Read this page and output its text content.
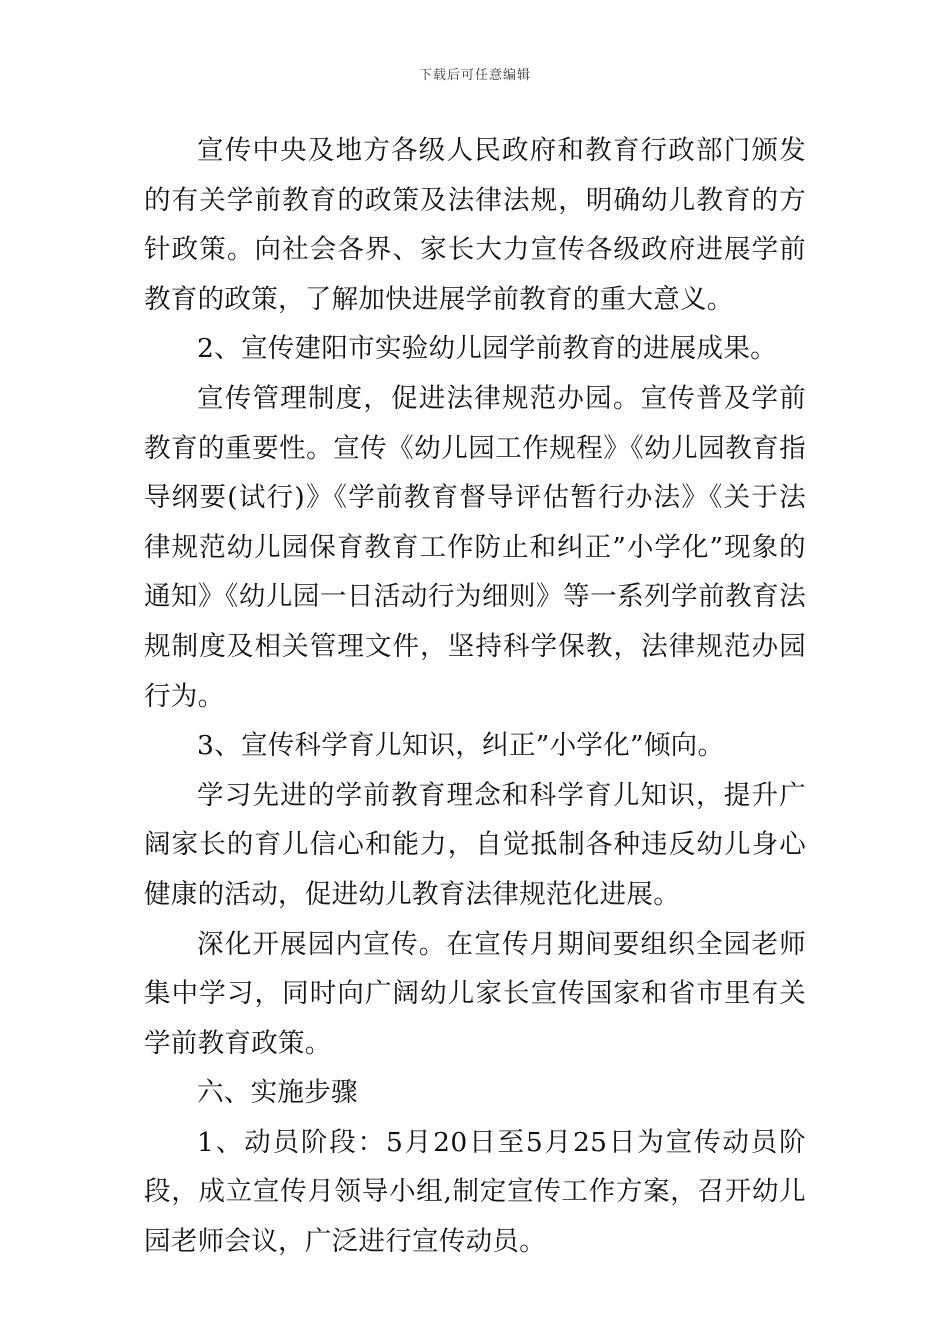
下载后可任意编辑

宣传中央及地方各级人民政府和教育行政部门颁发的有关学前教育的政策及法律法规，明确幼儿教育的方针政策。向社会各界、家长大力宣传各级政府进展学前教育的政策，了解加快进展学前教育的重大意义。

2、宣传建阳市实验幼儿园学前教育的进展成果。

宣传管理制度，促进法律规范办园。宣传普及学前教育的重要性。宣传《幼儿园工作规程》《幼儿园教育指导纲要(试行)》《学前教育督导评估暂行办法》《关于法律规范幼儿园保育教育工作防止和纠正”小学化”现象的通知》《幼儿园一日活动行为细则》等一系列学前教育法规制度及相关管理文件，坚持科学保教，法律规范办园行为。

3、宣传科学育儿知识，纠正”小学化”倾向。

学习先进的学前教育理念和科学育儿知识，提升广阔家长的育儿信心和能力，自觉抵制各种违反幼儿身心健康的活动，促进幼儿教育法律规范化进展。

深化开展园内宣传。在宣传月期间要组织全园老师集中学习，同时向广阔幼儿家长宣传国家和省市里有关学前教育政策。

六、实施步骤

1、动员阶段：5月20日至5月25日为宣传动员阶段，成立宣传月领导小组,制定宣传工作方案，召开幼儿园老师会议，广泛进行宣传动员。
